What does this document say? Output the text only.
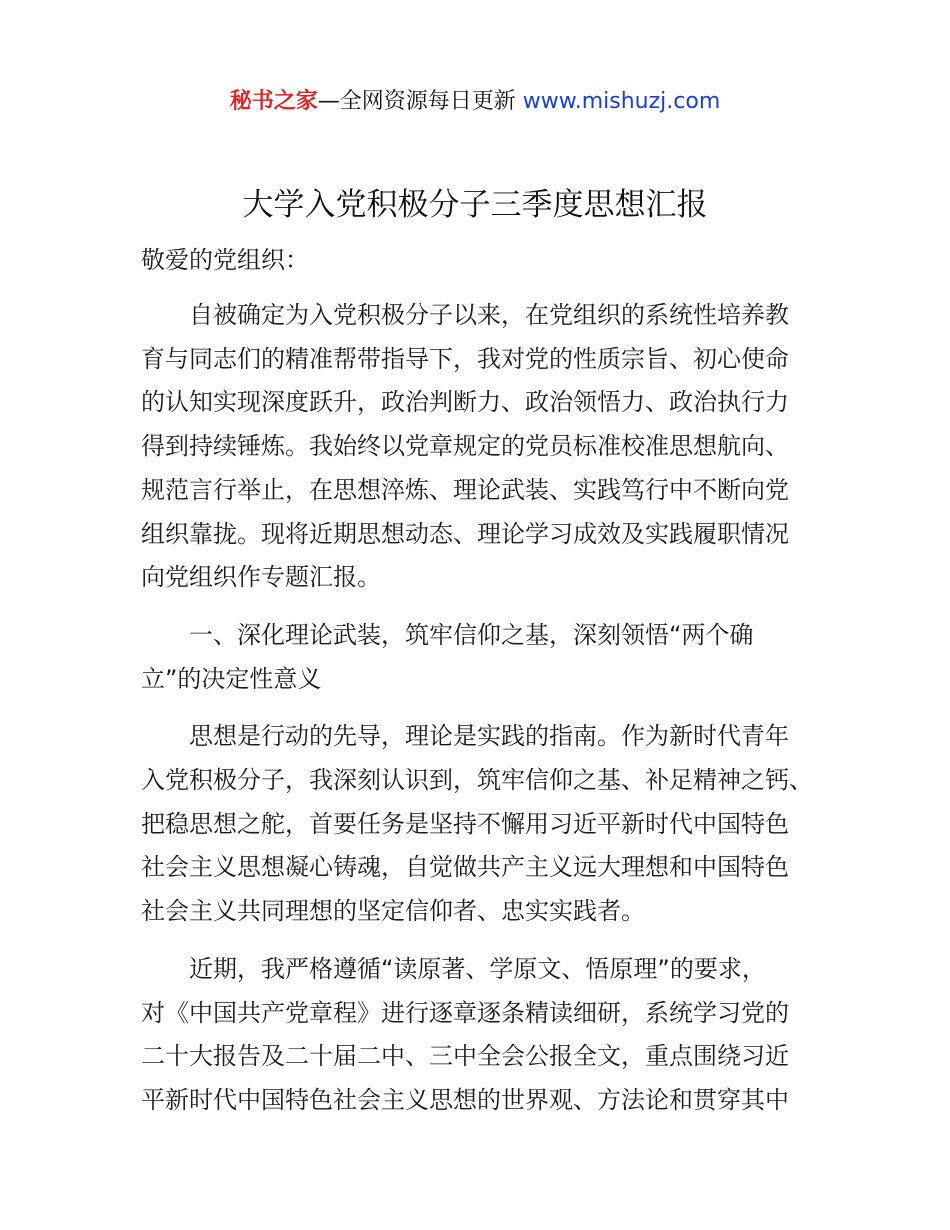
秘书之家—全网资源每日更新 www.mishuzj.com
大学入党积极分子三季度思想汇报

敬爱的党组织：

自被确定为入党积极分子以来，在党组织的系统性培养教
育与同志们的精准帮带指导下，我对党的性质宗旨、初心使命
的认知实现深度跃升，政治判断力、政治领悟力、政治执行力
得到持续锤炼。我始终以党章规定的党员标准校准思想航向、
规范言行举止，在思想淬炼、理论武装、实践笃行中不断向党
组织靠拢。现将近期思想动态、理论学习成效及实践履职情况
向党组织作专题汇报。

一、深化理论武装，筑牢信仰之基，深刻领悟“两个确
立”的决定性意义

思想是行动的先导，理论是实践的指南。作为新时代青年
入党积极分子，我深刻认识到，筑牢信仰之基、补足精神之钙、
把稳思想之舵，首要任务是坚持不懈用习近平新时代中国特色
社会主义思想凝心铸魂，自觉做共产主义远大理想和中国特色
社会主义共同理想的坚定信仰者、忠实实践者。

近期，我严格遵循“读原著、学原文、悟原理”的要求，
对《中国共产党章程》进行逐章逐条精读细研，系统学习党的
二十大报告及二十届二中、三中全会公报全文，重点围绕习近
平新时代中国特色社会主义思想的世界观、方法论和贯穿其中
